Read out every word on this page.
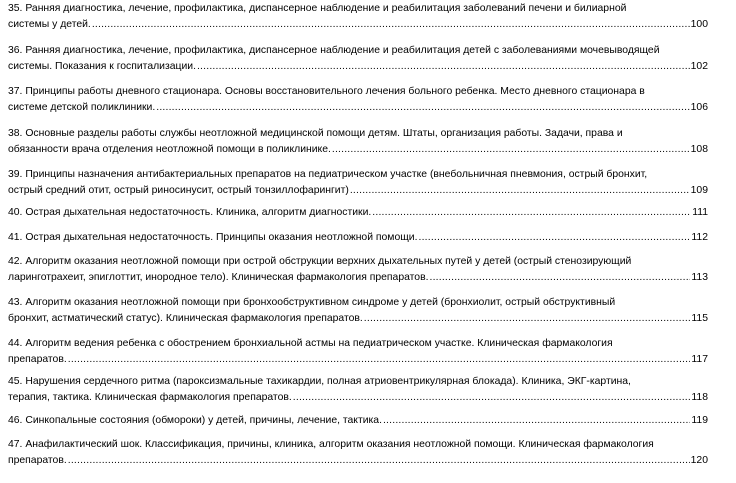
35. Ранняя диагностика, лечение, профилактика, диспансерное наблюдение и реабилитация заболеваний печени и билиарной
системы у детей. .....	100
36. Ранняя диагностика, лечение, профилактика, диспансерное наблюдение и реабилитация детей с заболеваниями мочевыводящей
системы. Показания к госпитализации. .....	102
37. Принципы работы дневного стационара. Основы восстановительного лечения больного ребенка. Место дневного стационара в
системе детской поликлиники. .....	106
38. Основные разделы работы службы неотложной медицинской помощи детям. Штаты, организация работы. Задачи, права и
обязанности врача отделения неотложной помощи в поликлинике. .....	108
39. Принципы назначения антибактериальных препаратов на педиатрическом участке (внебольничная пневмония, острый бронхит,
острый средний отит, острый риносинусит, острый тонзиллофарингит) .....	109
40. Острая дыхательная недостаточность. Клиника, алгоритм диагностики. .....	111
41. Острая дыхательная недостаточность. Принципы оказания неотложной помощи. .....	112
42. Алгоритм оказания неотложной помощи при острой обструкции верхних дыхательных путей у детей (острый стенозирующий
ларинготрахеит, эпиглоттит, инородное тело). Клиническая фармакология препаратов. .....	113
43. Алгоритм оказания неотложной помощи при бронхообструктивном синдроме у детей (бронхиолит, острый обструктивный
бронхит, астматический статус). Клиническая фармакология препаратов. .....	115
44. Алгоритм ведения ребенка с обострением бронхиальной астмы на педиатрическом участке. Клиническая фармакология
препаратов. .....	117
45. Нарушения сердечного ритма (пароксизмальные тахикардии, полная атриовентрикулярная блокада). Клиника, ЭКГ-картина,
терапия, тактика. Клиническая фармакология препаратов. .....	118
46. Синкопальные состояния (обмороки) у детей, причины, лечение, тактика. .....	119
47. Анафилактический шок. Классификация, причины, клиника, алгоритм оказания неотложной помощи. Клиническая фармакология
препаратов. .....	120
